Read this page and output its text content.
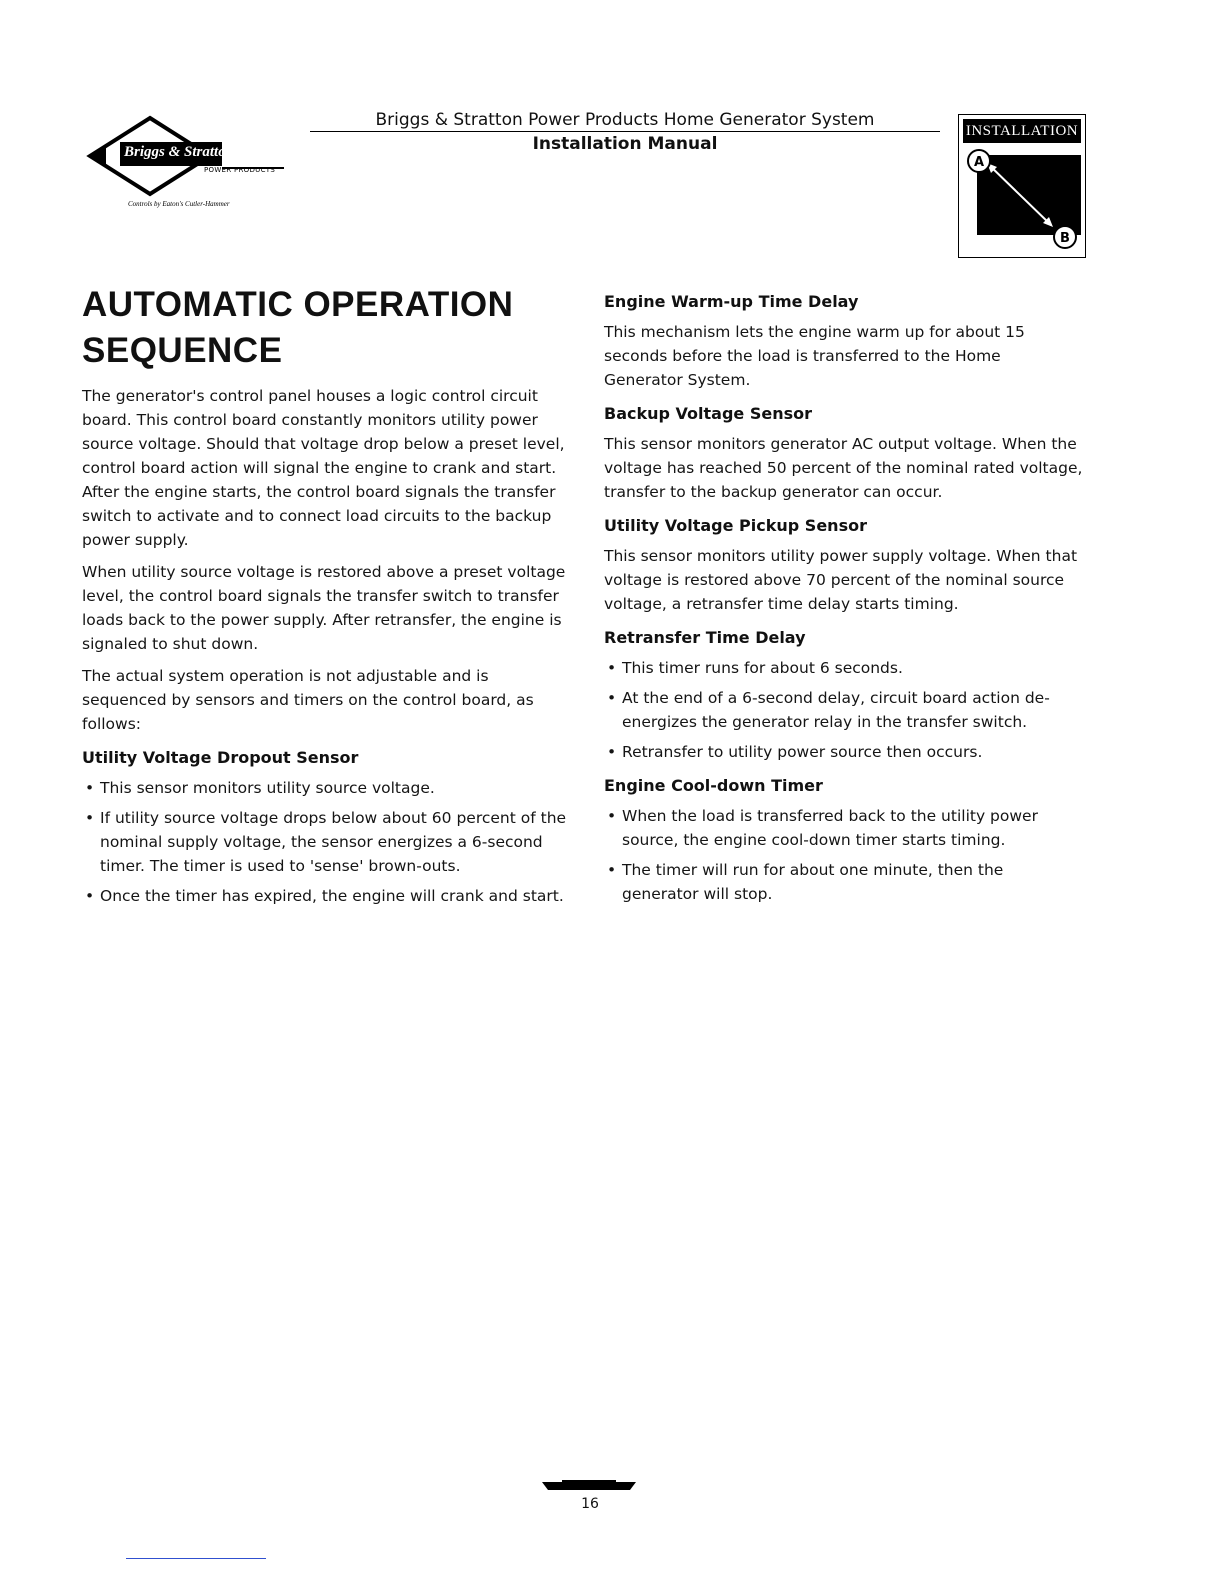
Briggs & Stratton
POWER PRODUCTS
Controls by Eaton's Cutler-Hammer
Briggs & Stratton Power Products Home Generator System
Installation Manual
INSTALLATION
A
B
AUTOMATIC OPERATION SEQUENCE

The generator's control panel houses a logic control circuit board. This control board constantly monitors utility power source voltage. Should that voltage drop below a preset level, control board action will signal the engine to crank and start. After the engine starts, the control board signals the transfer switch to activate and to connect load circuits to the backup power supply.

When utility source voltage is restored above a preset voltage level, the control board signals the transfer switch to transfer loads back to the power supply. After retransfer, the engine is signaled to shut down.

The actual system operation is not adjustable and is sequenced by sensors and timers on the control board, as follows:

Utility Voltage Dropout Sensor
• This sensor monitors utility source voltage.
• If utility source voltage drops below about 60 percent of the nominal supply voltage, the sensor energizes a 6-second timer. The timer is used to 'sense' brown-outs.
• Once the timer has expired, the engine will crank and start.
Engine Warm-up Time Delay

This mechanism lets the engine warm up for about 15 seconds before the load is transferred to the Home Generator System.

Backup Voltage Sensor

This sensor monitors generator AC output voltage. When the voltage has reached 50 percent of the nominal rated voltage, transfer to the backup generator can occur.

Utility Voltage Pickup Sensor

This sensor monitors utility power supply voltage. When that voltage is restored above 70 percent of the nominal source voltage, a retransfer time delay starts timing.

Retransfer Time Delay
• This timer runs for about 6 seconds.
• At the end of a 6-second delay, circuit board action de-energizes the generator relay in the transfer switch.
• Retransfer to utility power source then occurs.
Engine Cool-down Timer
• When the load is transferred back to the utility power source, the engine cool-down timer starts timing.
• The timer will run for about one minute, then the generator will stop.
16
